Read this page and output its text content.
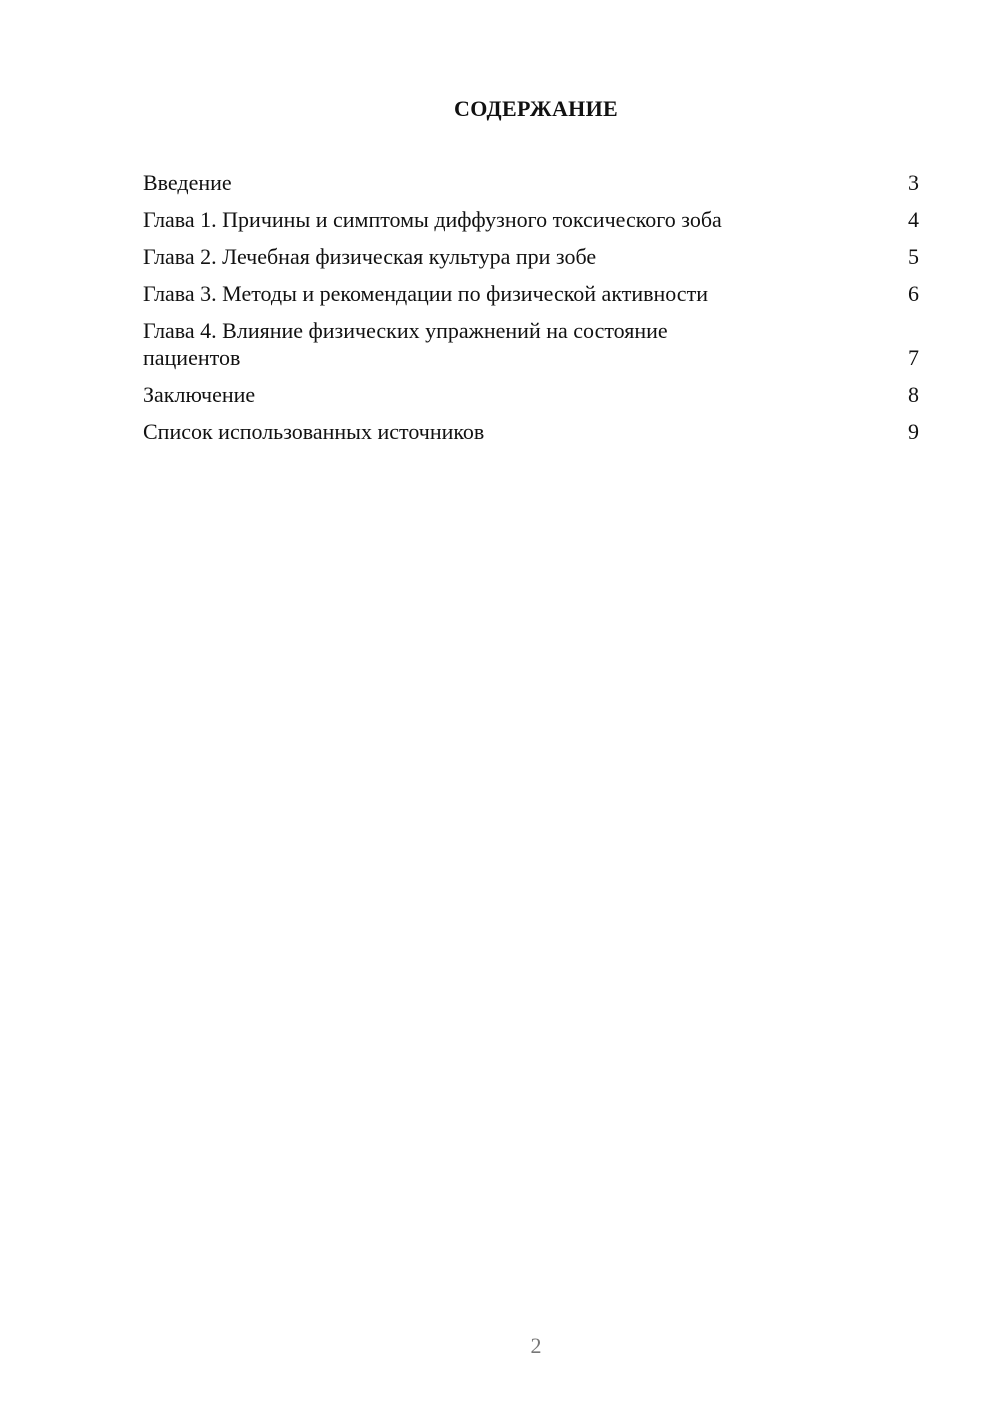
СОДЕРЖАНИЕ
Введение	3
Глава 1. Причины и симптомы диффузного токсического зоба	4
Глава 2. Лечебная физическая культура при зобе	5
Глава 3. Методы и рекомендации по физической активности	6
Глава 4. Влияние физических упражнений на состояние пациентов	7
Заключение	8
Список использованных источников	9
2
